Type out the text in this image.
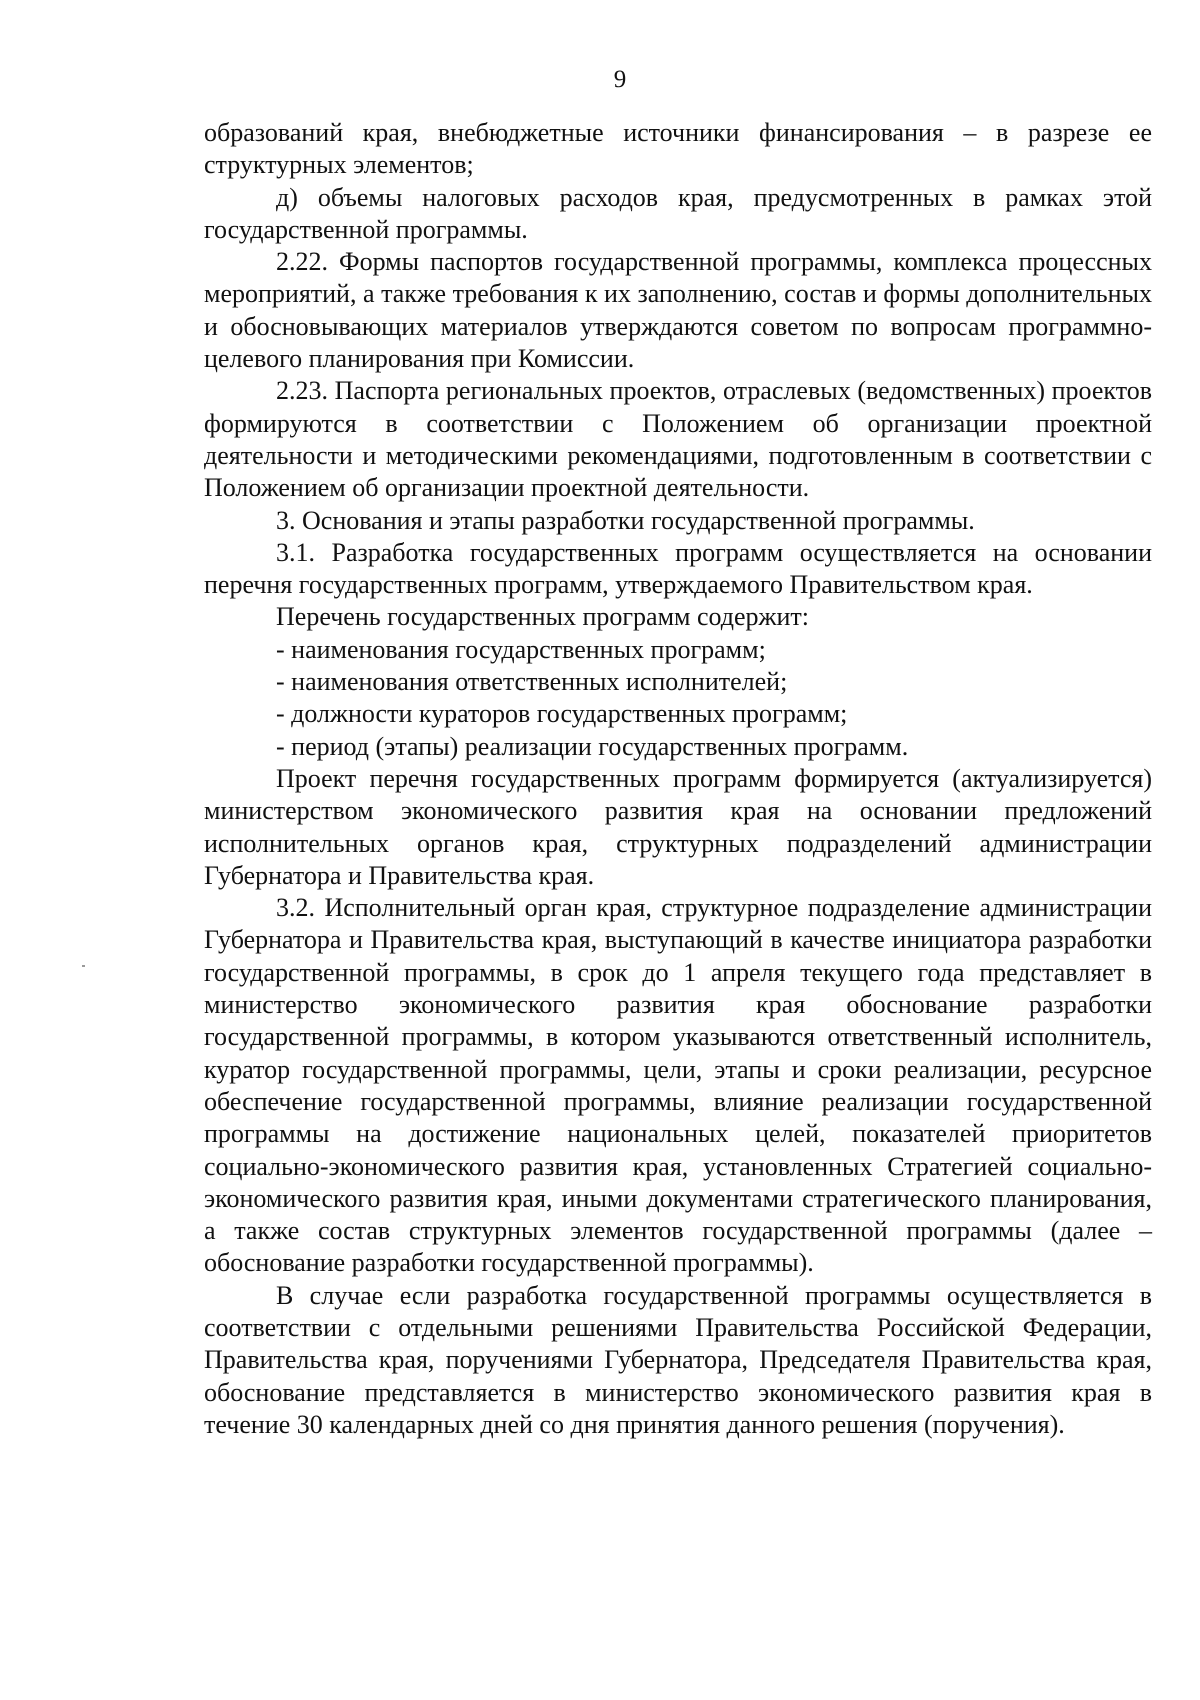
9

образований края, внебюджетные источники финансирования – в разрезе ее структурных элементов;

д) объемы налоговых расходов края, предусмотренных в рамках этой государственной программы.

2.22. Формы паспортов государственной программы, комплекса процессных мероприятий, а также требования к их заполнению, состав и формы дополнительных и обосновывающих материалов утверждаются советом по вопросам программно-целевого планирования при Комиссии.

2.23. Паспорта региональных проектов, отраслевых (ведомственных) проектов формируются в соответствии с Положением об организации проектной деятельности и методическими рекомендациями, подготовленным в соответствии с Положением об организации проектной деятельности.

3. Основания и этапы разработки государственной программы.

3.1. Разработка государственных программ осуществляется на основании перечня государственных программ, утверждаемого Правительством края.

Перечень государственных программ содержит:

- наименования государственных программ;

- наименования ответственных исполнителей;

- должности кураторов государственных программ;

- период (этапы) реализации государственных программ.

Проект перечня государственных программ формируется (актуализируется) министерством экономического развития края на основании предложений исполнительных органов края, структурных подразделений администрации Губернатора и Правительства края.

3.2. Исполнительный орган края, структурное подразделение администрации Губернатора и Правительства края, выступающий в качестве инициатора разработки государственной программы, в срок до 1 апреля текущего года представляет в министерство экономического развития края обоснование разработки государственной программы, в котором указываются ответственный исполнитель, куратор государственной программы, цели, этапы и сроки реализации, ресурсное обеспечение государственной программы, влияние реализации государственной программы на достижение национальных целей, показателей приоритетов социально-экономического развития края, установленных Стратегией социально-экономического развития края, иными документами стратегического планирования, а также состав структурных элементов государственной программы (далее – обоснование разработки государственной программы).

В случае если разработка государственной программы осуществляется в соответствии с отдельными решениями Правительства Российской Федерации, Правительства края, поручениями Губернатора, Председателя Правительства края, обоснование представляется в министерство экономического развития края в течение 30 календарных дней со дня принятия данного решения (поручения).
